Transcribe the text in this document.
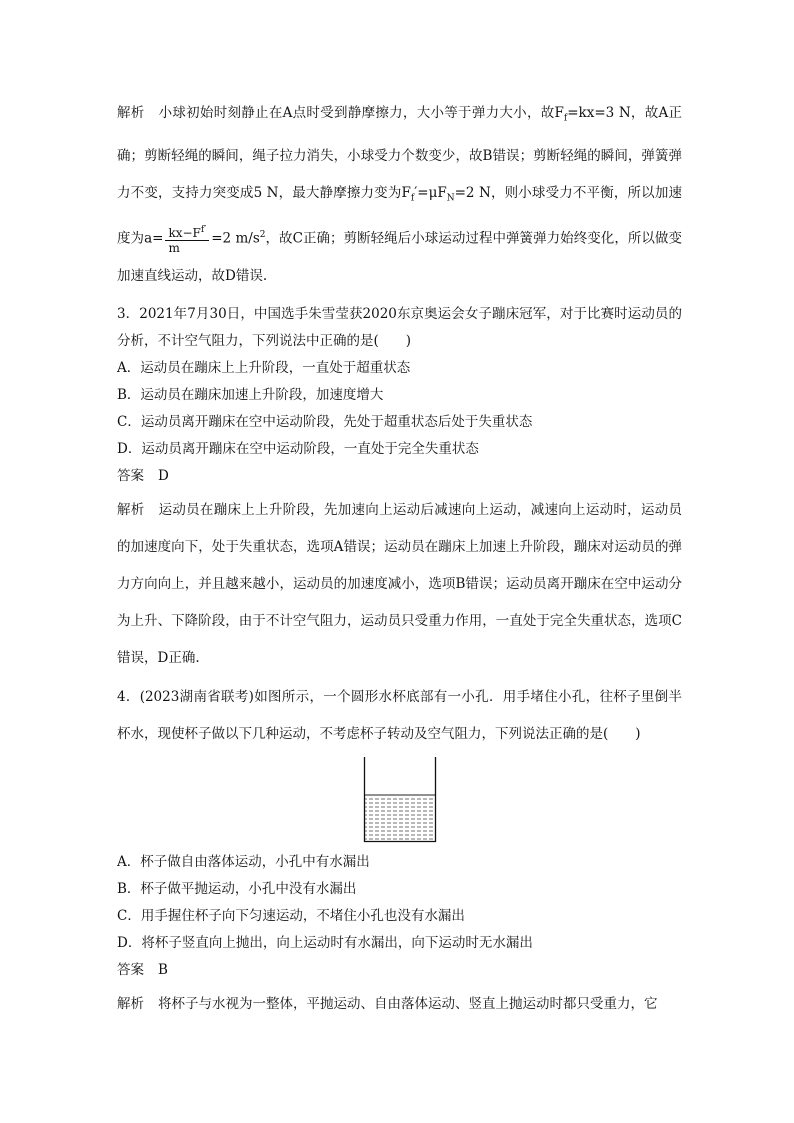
解析 小球初始时刻静止在A点时受到静摩擦力，大小等于弹力大小，故$F_f=kx=3$ N，故A正确；剪断轻绳的瞬间，绳子拉力消失，小球受力个数变少，故B错误；剪断轻绳的瞬间，弹簧弹力不变，支持力突变成5 N，最大静摩擦力变为$F_f'=\mu F_N=2$ N，则小球受力不平衡，所以加速度为$a= \frac{kx-F^{f'}}{m} =2$ $m/s^2$，故C正确；剪断轻绳后小球运动过程中弹簧弹力始终变化，所以做变加速直线运动，故D错误.

3．2021年7月30日，中国选手朱雪莹获2020东京奥运会女子蹦床冠军，对于比赛时运动员的分析，不计空气阻力，下列说法中正确的是(　　)

A．运动员在蹦床上上升阶段，一直处于超重状态

B．运动员在蹦床加速上升阶段，加速度增大

C．运动员离开蹦床在空中运动阶段，先处于超重状态后处于失重状态

D．运动员离开蹦床在空中运动阶段，一直处于完全失重状态

答案 D

解析 运动员在蹦床上上升阶段，先加速向上运动后减速向上运动，减速向上运动时，运动员的加速度向下，处于失重状态，选项A错误；运动员在蹦床上加速上升阶段，蹦床对运动员的弹力方向向上，并且越来越小，运动员的加速度减小，选项B错误；运动员离开蹦床在空中运动分为上升、下降阶段，由于不计空气阻力，运动员只受重力作用，一直处于完全失重状态，选项C错误，D正确.

4．(2023湖南省联考)如图所示，一个圆形水杯底部有一小孔．用手堵住小孔，往杯子里倒半杯水，现使杯子做以下几种运动，不考虑杯子转动及空气阻力，下列说法正确的是(　　)

A．杯子做自由落体运动，小孔中有水漏出

B．杯子做平抛运动，小孔中没有水漏出

C．用手握住杯子向下匀速运动，不堵住小孔也没有水漏出

D．将杯子竖直向上抛出，向上运动时有水漏出，向下运动时无水漏出

答案 B

解析 将杯子与水视为一整体，平抛运动、自由落体运动、竖直上抛运动时都只受重力，它
